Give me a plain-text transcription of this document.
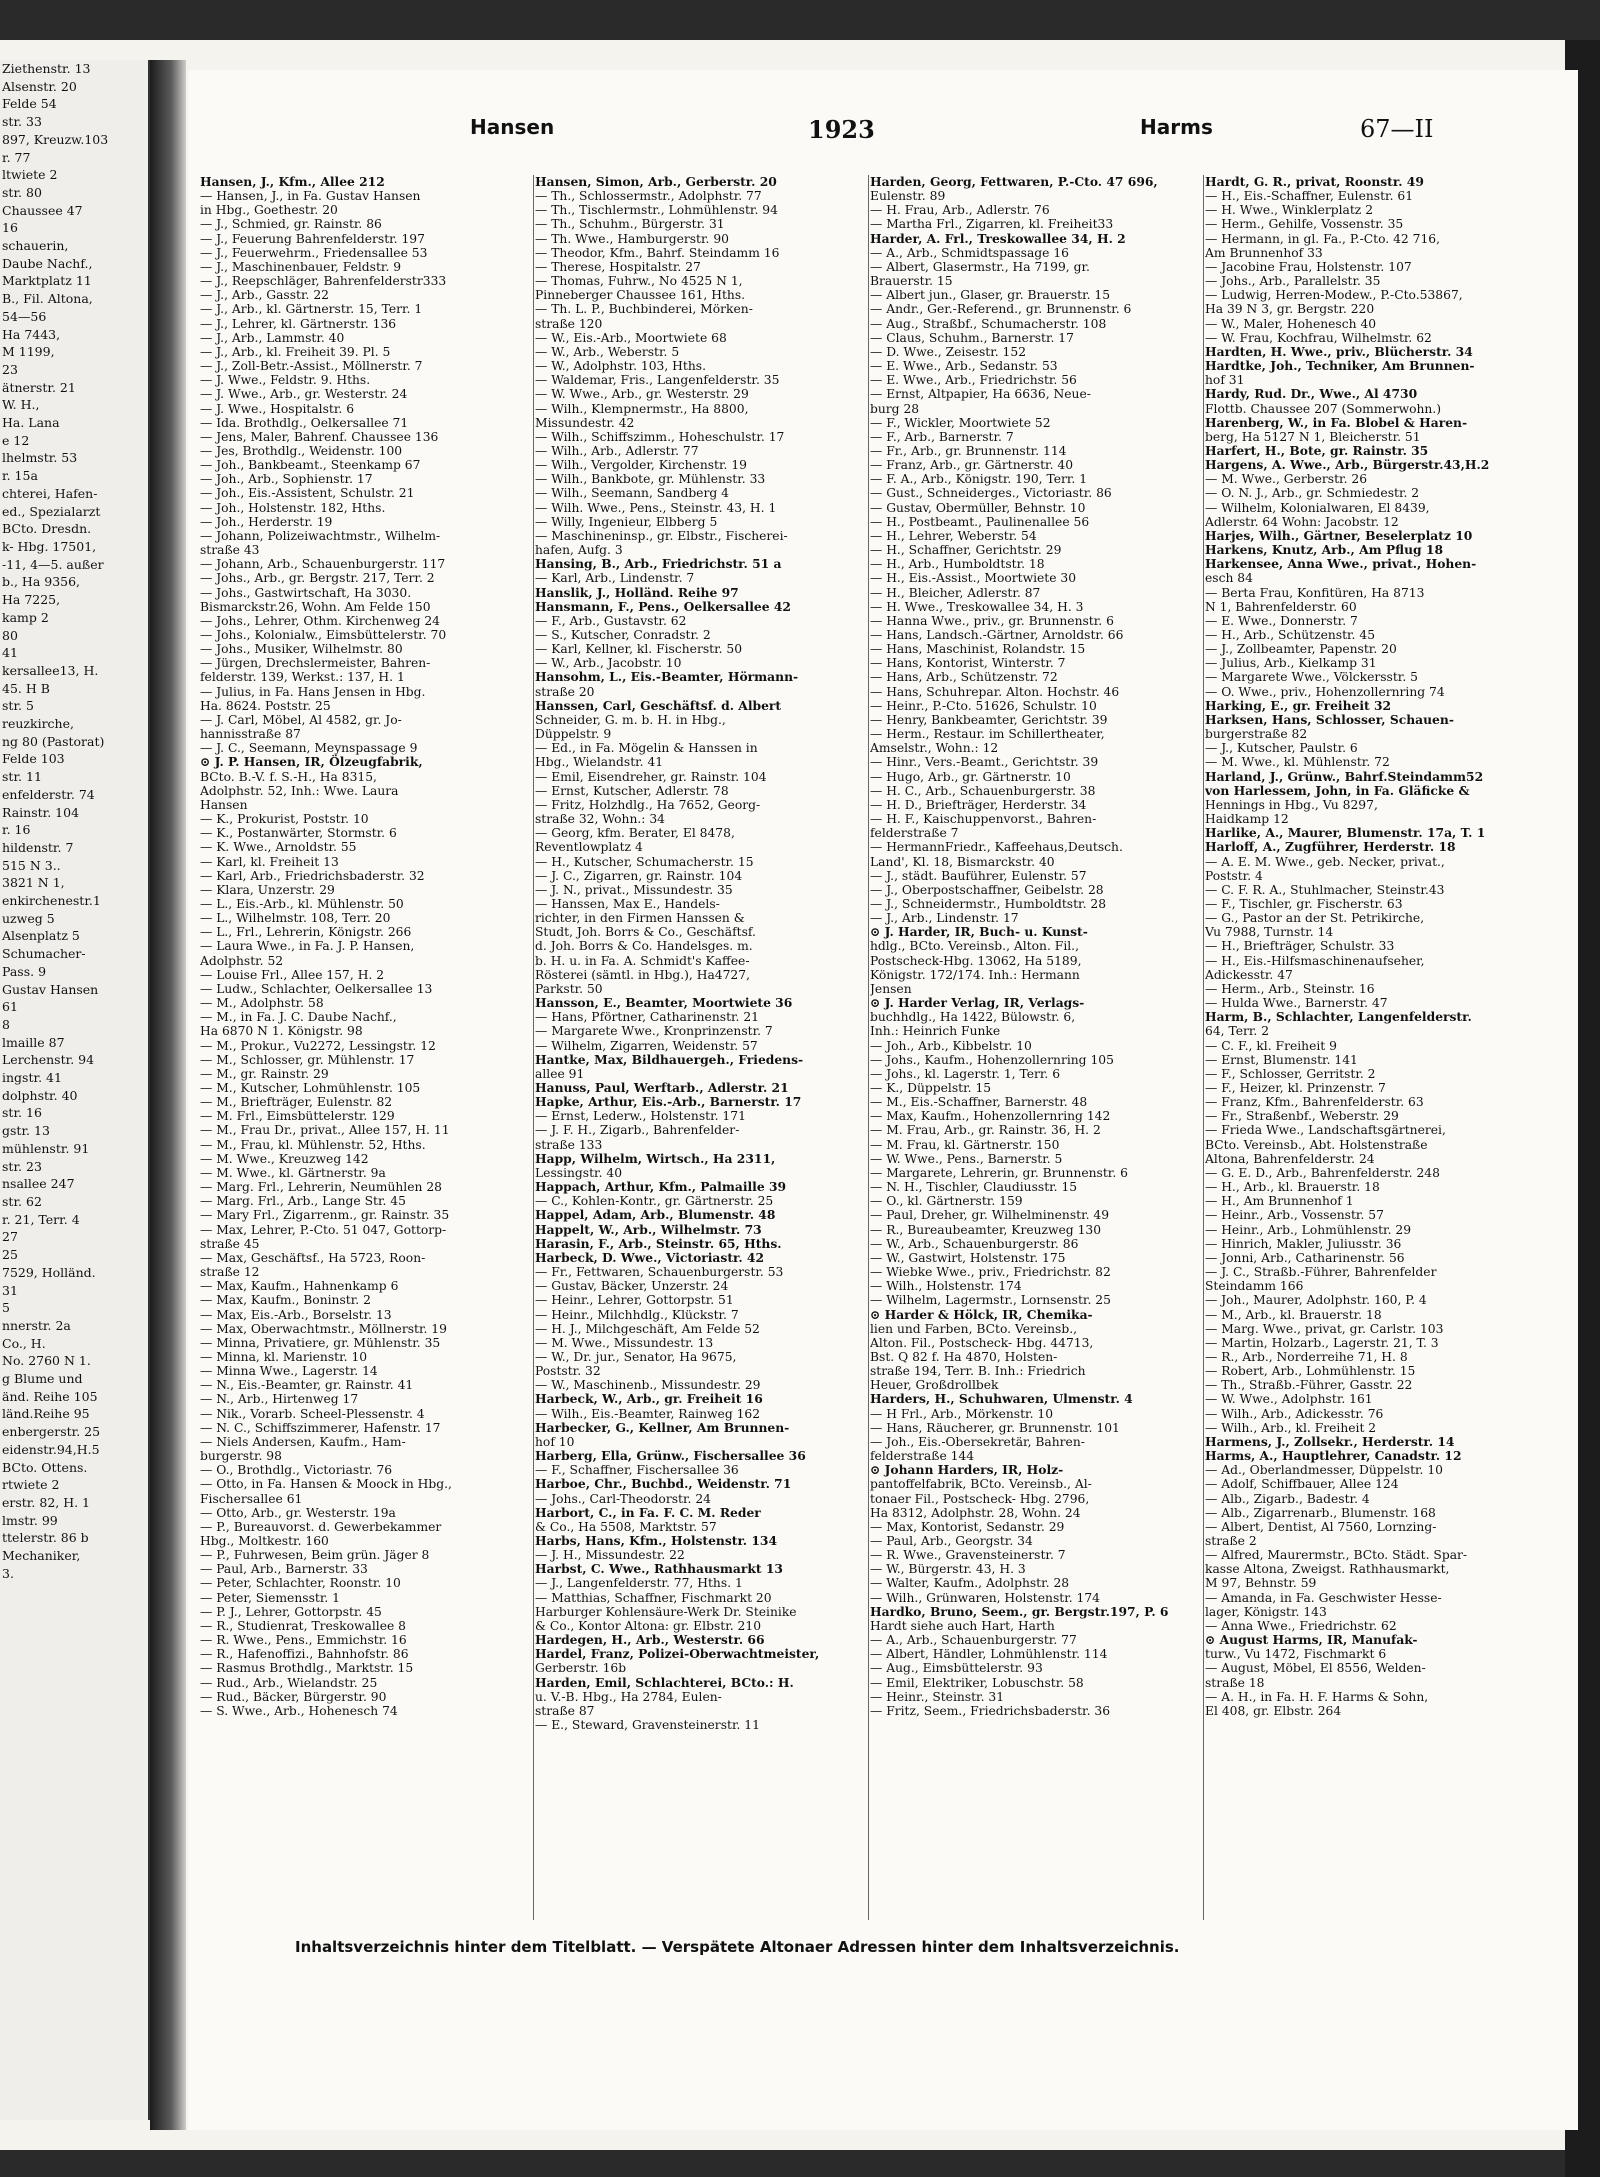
Ziethenstr. 13
Alsenstr. 20
Felde 54
str. 33
897, Kreuzw.103
r. 77
ltwiete 2
str. 80
Chaussee 47
16
schauerin,
Daube Nachf.,
Marktplatz 11
B., Fil. Altona,
54—56
Ha 7443,
M 1199,
23
ätnerstr. 21
W. H.,
Ha. Lana
e 12
lhelmstr. 53
r. 15a
chterei, Hafen-
ed., Spezialarzt
BCto. Dresdn.
k- Hbg. 17501,
-11, 4—5. außer
b., Ha 9356,
Ha 7225,
kamp 2
80
41
kersallee13, H.
45. H B
str. 5
reuzkirche,
ng 80 (Pastorat)
Felde 103
str. 11
enfelderstr. 74
Rainstr. 104
r. 16
hildenstr. 7
515 N 3..
3821 N 1,
enkirchenestr.1
uzweg 5
Alsenplatz 5
Schumacher-
Pass. 9
Gustav Hansen
61
8
lmaille 87
Lerchenstr. 94
ingstr. 41
dolphstr. 40
str. 16
gstr. 13
mühlenstr. 91
str. 23
nsallee 247
str. 62
r. 21, Terr. 4
27
25
7529, Holländ.
31
5
nnerstr. 2a
Co., H.
No. 2760 N 1.
g Blume und
änd. Reihe 105
länd.Reihe 95
enbergerstr. 25
eidenstr.94,H.5
BCto. Ottens.
rtwiete 2
erstr. 82, H. 1
lmstr. 99
ttelerstr. 86 b
Mechaniker,
3.
Hansen	1923	Harms	67—II
Hansen, J., Kfm., Allee 212
— Hansen, J., in Fa. Gustav Hansen
in Hbg., Goethestr. 20
— J., Schmied, gr. Rainstr. 86
— J., Feuerung Bahrenfelderstr. 197
— J., Feuerwehrm., Friedensallee 53
— J., Maschinenbauer, Feldstr. 9
— J., Reepschläger, Bahrenfelderstr333
— J., Arb., Gasstr. 22
— J., Arb., kl. Gärtnerstr. 15, Terr. 1
— J., Lehrer, kl. Gärtnerstr. 136
— J., Arb., Lammstr. 40
— J., Arb., kl. Freiheit 39. Pl. 5
— J., Zoll-Betr.-Assist., Möllnerstr. 7
— J. Wwe., Feldstr. 9. Hths.
— J. Wwe., Arb., gr. Westerstr. 24
— J. Wwe., Hospitalstr. 6
— Ida. Brothdlg., Oelkersallee 71
— Jens, Maler, Bahrenf. Chaussee 136
— Jes, Brothdlg., Weidenstr. 100
— Joh., Bankbeamt., Steenkamp 67
— Joh., Arb., Sophienstr. 17
— Joh., Eis.-Assistent, Schulstr. 21
— Joh., Holstenstr. 182, Hths.
— Joh., Herderstr. 19
— Johann, Polizeiwachtmstr., Wilhelm-
straße 43
— Johann, Arb., Schauenburgerstr. 117
— Johs., Arb., gr. Bergstr. 217, Terr. 2
— Johs., Gastwirtschaft, Ha 3030.
Bismarckstr.26, Wohn. Am Felde 150
— Johs., Lehrer, Othm. Kirchenweg 24
— Johs., Kolonialw., Eimsbüttelerstr. 70
— Johs., Musiker, Wilhelmstr. 80
— Jürgen, Drechslermeister, Bahren-
felderstr. 139, Werkst.: 137, H. 1
— Julius, in Fa. Hans Jensen in Hbg.
Ha. 8624. Poststr. 25
— J. Carl, Möbel, Al 4582, gr. Jo-
hannisstraße 87
— J. C., Seemann, Meynspassage 9
⊙ J. P. Hansen, IR, Ölzeugfabrik,
BCto. B.-V. f. S.-H., Ha 8315,
Adolphstr. 52, Inh.: Wwe. Laura
Hansen
— K., Prokurist, Poststr. 10
— K., Postanwärter, Stormstr. 6
— K. Wwe., Arnoldstr. 55
— Karl, kl. Freiheit 13
— Karl, Arb., Friedrichsbaderstr. 32
— Klara, Unzerstr. 29
— L., Eis.-Arb., kl. Mühlenstr. 50
— L., Wilhelmstr. 108, Terr. 20
— L., Frl., Lehrerin, Königstr. 266
— Laura Wwe., in Fa. J. P. Hansen,
Adolphstr. 52
— Louise Frl., Allee 157, H. 2
— Ludw., Schlachter, Oelkersallee 13
— M., Adolphstr. 58
— M., in Fa. J. C. Daube Nachf.,
Ha 6870 N 1. Königstr. 98
— M., Prokur., Vu2272, Lessingstr. 12
— M., Schlosser, gr. Mühlenstr. 17
— M., gr. Rainstr. 29
— M., Kutscher, Lohmühlenstr. 105
— M., Briefträger, Eulenstr. 82
— M. Frl., Eimsbüttelerstr. 129
— M., Frau Dr., privat., Allee 157, H. 11
— M., Frau, kl. Mühlenstr. 52, Hths.
— M. Wwe., Kreuzweg 142
— M. Wwe., kl. Gärtnerstr. 9a
— Marg. Frl., Lehrerin, Neumühlen 28
— Marg. Frl., Arb., Lange Str. 45
— Mary Frl., Zigarrenm., gr. Rainstr. 35
— Max, Lehrer, P.-Cto. 51 047, Gottorp-
straße 45
— Max, Geschäftsf., Ha 5723, Roon-
straße 12
— Max, Kaufm., Hahnenkamp 6
— Max, Kaufm., Boninstr. 2
— Max, Eis.-Arb., Borselstr. 13
— Max, Oberwachtmstr., Möllnerstr. 19
— Minna, Privatiere, gr. Mühlenstr. 35
— Minna, kl. Marienstr. 10
— Minna Wwe., Lagerstr. 14
— N., Eis.-Beamter, gr. Rainstr. 41
— N., Arb., Hirtenweg 17
— Nik., Vorarb. Scheel-Plessenstr. 4
— N. C., Schiffszimmerer, Hafenstr. 17
— Niels Andersen, Kaufm., Ham-
burgerstr. 98
— O., Brothdlg., Victoriastr. 76
— Otto, in Fa. Hansen & Moock in Hbg.,
Fischersallee 61
— Otto, Arb., gr. Westerstr. 19a
— P., Bureauvorst. d. Gewerbekammer
Hbg., Moltkestr. 160
— P., Fuhrwesen, Beim grün. Jäger 8
— Paul, Arb., Barnerstr. 33
— Peter, Schlachter, Roonstr. 10
— Peter, Siemensstr. 1
— P. J., Lehrer, Gottorpstr. 45
— R., Studienrat, Treskowallee 8
— R. Wwe., Pens., Emmichstr. 16
— R., Hafenoffizi., Bahnhofstr. 86
— Rasmus Brothdlg., Marktstr. 15
— Rud., Arb., Wielandstr. 25
— Rud., Bäcker, Bürgerstr. 90
— S. Wwe., Arb., Hohenesch 74
Hansen, Simon, Arb., Gerberstr. 20
— Th., Schlossermstr., Adolphstr. 77
— Th., Tischlermstr., Lohmühlenstr. 94
— Th., Schuhm., Bürgerstr. 31
— Th. Wwe., Hamburgerstr. 90
— Theodor, Kfm., Bahrf. Steindamm 16
— Therese, Hospitalstr. 27
— Thomas, Fuhrw., No 4525 N 1,
Pinneberger Chaussee 161, Hths.
— Th. L. P., Buchbinderei, Mörken-
straße 120
— W., Eis.-Arb., Moortwiete 68
— W., Arb., Weberstr. 5
— W., Adolphstr. 103, Hths.
— Waldemar, Fris., Langenfelderstr. 35
— W. Wwe., Arb., gr. Westerstr. 29
— Wilh., Klempnermstr., Ha 8800,
Missundestr. 42
— Wilh., Schiffszimm., Hoheschulstr. 17
— Wilh., Arb., Adlerstr. 77
— Wilh., Vergolder, Kirchenstr. 19
— Wilh., Bankbote, gr. Mühlenstr. 33
— Wilh., Seemann, Sandberg 4
— Wilh. Wwe., Pens., Steinstr. 43, H. 1
— Willy, Ingenieur, Elbberg 5
— Maschineninsp., gr. Elbstr., Fischerei-
hafen, Aufg. 3
Hansing, B., Arb., Friedrichstr. 51 a
— Karl, Arb., Lindenstr. 7
Hanslik, J., Holländ. Reihe 97
Hansmann, F., Pens., Oelkersallee 42
— F., Arb., Gustavstr. 62
— S., Kutscher, Conradstr. 2
— Karl, Kellner, kl. Fischerstr. 50
— W., Arb., Jacobstr. 10
Hansohm, L., Eis.-Beamter, Hörmann-
straße 20
Hanssen, Carl, Geschäftsf. d. Albert
Schneider, G. m. b. H. in Hbg.,
Düppelstr. 9
— Ed., in Fa. Mögelin & Hanssen in
Hbg., Wielandstr. 41
— Emil, Eisendreher, gr. Rainstr. 104
— Ernst, Kutscher, Adlerstr. 78
— Fritz, Holzhdlg., Ha 7652, Georg-
straße 32, Wohn.: 34
— Georg, kfm. Berater, El 8478,
Reventlowplatz 4
— H., Kutscher, Schumacherstr. 15
— J. C., Zigarren, gr. Rainstr. 104
— J. N., privat., Missundestr. 35
— Hanssen, Max E., Handels-
richter, in den Firmen Hanssen &
Studt, Joh. Borrs & Co., Geschäftsf.
d. Joh. Borrs & Co. Handelsges. m.
b. H. u. in Fa. A. Schmidt's Kaffee-
Rösterei (sämtl. in Hbg.), Ha4727,
Parkstr. 50
Hansson, E., Beamter, Moortwiete 36
— Hans, Pförtner, Catharinenstr. 21
— Margarete Wwe., Kronprinzenstr. 7
— Wilhelm, Zigarren, Weidenstr. 57
Hantke, Max, Bildhauergeh., Friedens-
allee 91
Hanuss, Paul, Werftarb., Adlerstr. 21
Hapke, Arthur, Eis.-Arb., Barnerstr. 17
— Ernst, Lederw., Holstenstr. 171
— J. F. H., Zigarb., Bahrenfelder-
straße 133
Happ, Wilhelm, Wirtsch., Ha 2311,
Lessingstr. 40
Happach, Arthur, Kfm., Palmaille 39
— C., Kohlen-Kontr., gr. Gärtnerstr. 25
Happel, Adam, Arb., Blumenstr. 48
Happelt, W., Arb., Wilhelmstr. 73
Harasin, F., Arb., Steinstr. 65, Hths.
Harbeck, D. Wwe., Victoriastr. 42
— Fr., Fettwaren, Schauenburgerstr. 53
— Gustav, Bäcker, Unzerstr. 24
— Heinr., Lehrer, Gottorpstr. 51
— Heinr., Milchhdlg., Klückstr. 7
— H. J., Milchgeschäft, Am Felde 52
— M. Wwe., Missundestr. 13
— W., Dr. jur., Senator, Ha 9675,
Poststr. 32
— W., Maschinenb., Missundestr. 29
Harbeck, W., Arb., gr. Freiheit 16
— Wilh., Eis.-Beamter, Rainweg 162
Harbecker, G., Kellner, Am Brunnen-
hof 10
Harberg, Ella, Grünw., Fischersallee 36
— F., Schaffner, Fischersallee 36
Harboe, Chr., Buchbd., Weidenstr. 71
— Johs., Carl-Theodorstr. 24
Harbort, C., in Fa. F. C. M. Reder
& Co., Ha 5508, Marktstr. 57
Harbs, Hans, Kfm., Holstenstr. 134
— J. H., Missundestr. 22
Harbst, C. Wwe., Rathhausmarkt 13
— J., Langenfelderstr. 77, Hths. 1
— Matthias, Schaffner, Fischmarkt 20
Harburger Kohlensäure-Werk Dr. Steinike
& Co., Kontor Altona: gr. Elbstr. 210
Hardegen, H., Arb., Westerstr. 66
Hardel, Franz, Polizei-Oberwachtmeister,
Gerberstr. 16b
Harden, Emil, Schlachterei, BCto.: H.
u. V.-B. Hbg., Ha 2784, Eulen-
straße 87
— E., Steward, Gravensteinerstr. 11
Harden, Georg, Fettwaren, P.-Cto. 47 696,
Eulenstr. 89
— H. Frau, Arb., Adlerstr. 76
— Martha Frl., Zigarren, kl. Freiheit33
Harder, A. Frl., Treskowallee 34, H. 2
— A., Arb., Schmidtspassage 16
— Albert, Glasermstr., Ha 7199, gr.
Brauerstr. 15
— Albert jun., Glaser, gr. Brauerstr. 15
— Andr., Ger.-Referend., gr. Brunnenstr. 6
— Aug., Straßbf., Schumacherstr. 108
— Claus, Schuhm., Barnerstr. 17
— D. Wwe., Zeisestr. 152
— E. Wwe., Arb., Sedanstr. 53
— E. Wwe., Arb., Friedrichstr. 56
— Ernst, Altpapier, Ha 6636, Neue-
burg 28
— F., Wickler, Moortwiete 52
— F., Arb., Barnerstr. 7
— Fr., Arb., gr. Brunnenstr. 114
— Franz, Arb., gr. Gärtnerstr. 40
— F. A., Arb., Königstr. 190, Terr. 1
— Gust., Schneiderges., Victoriastr. 86
— Gustav, Obermüller, Behnstr. 10
— H., Postbeamt., Paulinenallee 56
— H., Lehrer, Weberstr. 54
— H., Schaffner, Gerichtstr. 29
— H., Arb., Humboldtstr. 18
— H., Eis.-Assist., Moortwiete 30
— H., Bleicher, Adlerstr. 87
— H. Wwe., Treskowallee 34, H. 3
— Hanna Wwe., priv., gr. Brunnenstr. 6
— Hans, Landsch.-Gärtner, Arnoldstr. 66
— Hans, Maschinist, Rolandstr. 15
— Hans, Kontorist, Winterstr. 7
— Hans, Arb., Schützenstr. 72
— Hans, Schuhrepar. Alton. Hochstr. 46
— Heinr., P.-Cto. 51626, Schulstr. 10
— Henry, Bankbeamter, Gerichtstr. 39
— Herm., Restaur. im Schillertheater,
Amselstr., Wohn.: 12
— Hinr., Vers.-Beamt., Gerichtstr. 39
— Hugo, Arb., gr. Gärtnerstr. 10
— H. C., Arb., Schauenburgerstr. 38
— H. D., Briefträger, Herderstr. 34
— H. F., Kaischuppenvorst., Bahren-
felderstraße 7
— HermannFriedr., Kaffeehaus,Deutsch.
Land', Kl. 18, Bismarckstr. 40
— J., städt. Bauführer, Eulenstr. 57
— J., Oberpostschaffner, Geibelstr. 28
— J., Schneidermstr., Humboldtstr. 28
— J., Arb., Lindenstr. 17
⊙ J. Harder, IR, Buch- u. Kunst-
hdlg., BCto. Vereinsb., Alton. Fil.,
Postscheck-Hbg. 13062, Ha 5189,
Königstr. 172/174. Inh.: Hermann
Jensen
⊙ J. Harder Verlag, IR, Verlags-
buchhdlg., Ha 1422, Bülowstr. 6,
Inh.: Heinrich Funke
— Joh., Arb., Kibbelstr. 10
— Johs., Kaufm., Hohenzollernring 105
— Johs., kl. Lagerstr. 1, Terr. 6
— K., Düppelstr. 15
— M., Eis.-Schaffner, Barnerstr. 48
— Max, Kaufm., Hohenzollernring 142
— M. Frau, Arb., gr. Rainstr. 36, H. 2
— M. Frau, kl. Gärtnerstr. 150
— W. Wwe., Pens., Barnerstr. 5
— Margarete, Lehrerin, gr. Brunnenstr. 6
— N. H., Tischler, Claudiusstr. 15
— O., kl. Gärtnerstr. 159
— Paul, Dreher, gr. Wilhelminenstr. 49
— R., Bureaubeamter, Kreuzweg 130
— W., Arb., Schauenburgerstr. 86
— W., Gastwirt, Holstenstr. 175
— Wiebke Wwe., priv., Friedrichstr. 82
— Wilh., Holstenstr. 174
— Wilhelm, Lagermstr., Lornsenstr. 25
⊙ Harder & Hölck, IR, Chemika-
lien und Farben, BCto. Vereinsb.,
Alton. Fil., Postscheck- Hbg. 44713,
Bst. Q 82 f. Ha 4870, Holsten-
straße 194, Terr. B. Inh.: Friedrich
Heuer, Großdrollbek
Harders, H., Schuhwaren, Ulmenstr. 4
— H Frl., Arb., Mörkenstr. 10
— Hans, Räucherer, gr. Brunnenstr. 101
— Joh., Eis.-Obersekretär, Bahren-
felderstraße 144
⊙ Johann Harders, IR, Holz-
pantoffelfabrik, BCto. Vereinsb., Al-
tonaer Fil., Postscheck- Hbg. 2796,
Ha 8312, Adolphstr. 28, Wohn. 24
— Max, Kontorist, Sedanstr. 29
— Paul, Arb., Georgstr. 34
— R. Wwe., Gravensteinerstr. 7
— W., Bürgerstr. 43, H. 3
— Walter, Kaufm., Adolphstr. 28
— Wilh., Grünwaren, Holstenstr. 174
Hardko, Bruno, Seem., gr. Bergstr.197, P. 6
Hardt siehe auch Hart, Harth
— A., Arb., Schauenburgerstr. 77
— Albert, Händler, Lohmühlenstr. 114
— Aug., Eimsbüttelerstr. 93
— Emil, Elektriker, Lobuschstr. 58
— Heinr., Steinstr. 31
— Fritz, Seem., Friedrichsbaderstr. 36
Hardt, G. R., privat, Roonstr. 49
— H., Eis.-Schaffner, Eulenstr. 61
— H. Wwe., Winklerplatz 2
— Herm., Gehilfe, Vossenstr. 35
— Hermann, in gl. Fa., P.-Cto. 42 716,
Am Brunnenhof 33
— Jacobine Frau, Holstenstr. 107
— Johs., Arb., Parallelstr. 35
— Ludwig, Herren-Modew., P.-Cto.53867,
Ha 39 N 3, gr. Bergstr. 220
— W., Maler, Hohenesch 40
— W. Frau, Kochfrau, Wilhelmstr. 62
Hardten, H. Wwe., priv., Blücherstr. 34
Hardtke, Joh., Techniker, Am Brunnen-
hof 31
Hardy, Rud. Dr., Wwe., Al 4730
Flottb. Chaussee 207 (Sommerwohn.)
Harenberg, W., in Fa. Blobel & Haren-
berg, Ha 5127 N 1, Bleicherstr. 51
Harfert, H., Bote, gr. Rainstr. 35
Hargens, A. Wwe., Arb., Bürgerstr.43,H.2
— M. Wwe., Gerberstr. 26
— O. N. J., Arb., gr. Schmiedestr. 2
— Wilhelm, Kolonialwaren, El 8439,
Adlerstr. 64 Wohn: Jacobstr. 12
Harjes, Wilh., Gärtner, Beselerplatz 10
Harkens, Knutz, Arb., Am Pflug 18
Harkensee, Anna Wwe., privat., Hohen-
esch 84
— Berta Frau, Konfitüren, Ha 8713
N 1, Bahrenfelderstr. 60
— E. Wwe., Donnerstr. 7
— H., Arb., Schützenstr. 45
— J., Zollbeamter, Papenstr. 20
— Julius, Arb., Kielkamp 31
— Margarete Wwe., Völckersstr. 5
— O. Wwe., priv., Hohenzollernring 74
Harking, E., gr. Freiheit 32
Harksen, Hans, Schlosser, Schauen-
burgerstraße 82
— J., Kutscher, Paulstr. 6
— M. Wwe., kl. Mühlenstr. 72
Harland, J., Grünw., Bahrf.Steindamm52
von Harlessem, John, in Fa. Gläficke &
Hennings in Hbg., Vu 8297,
Haidkamp 12
Harlike, A., Maurer, Blumenstr. 17a, T. 1
Harloff, A., Zugführer, Herderstr. 18
— A. E. M. Wwe., geb. Necker, privat.,
Poststr. 4
— C. F. R. A., Stuhlmacher, Steinstr.43
— F., Tischler, gr. Fischerstr. 63
— G., Pastor an der St. Petrikirche,
Vu 7988, Turnstr. 14
— H., Briefträger, Schulstr. 33
— H., Eis.-Hilfsmaschinenaufseher,
Adickesstr. 47
— Herm., Arb., Steinstr. 16
— Hulda Wwe., Barnerstr. 47
Harm, B., Schlachter, Langenfelderstr.
64, Terr. 2
— C. F., kl. Freiheit 9
— Ernst, Blumenstr. 141
— F., Schlosser, Gerritstr. 2
— F., Heizer, kl. Prinzenstr. 7
— Franz, Kfm., Bahrenfelderstr. 63
— Fr., Straßenbf., Weberstr. 29
— Frieda Wwe., Landschaftsgärtnerei,
BCto. Vereinsb., Abt. Holstenstraße
Altona, Bahrenfelderstr. 24
— G. E. D., Arb., Bahrenfelderstr. 248
— H., Arb., kl. Brauerstr. 18
— H., Am Brunnenhof 1
— Heinr., Arb., Vossenstr. 57
— Heinr., Arb., Lohmühlenstr. 29
— Hinrich, Makler, Juliusstr. 36
— Jonni, Arb., Catharinenstr. 56
— J. C., Straßb.-Führer, Bahrenfelder
Steindamm 166
— Joh., Maurer, Adolphstr. 160, P. 4
— M., Arb., kl. Brauerstr. 18
— Marg. Wwe., privat, gr. Carlstr. 103
— Martin, Holzarb., Lagerstr. 21, T. 3
— R., Arb., Norderreihe 71, H. 8
— Robert, Arb., Lohmühlenstr. 15
— Th., Straßb.-Führer, Gasstr. 22
— W. Wwe., Adolphstr. 161
— Wilh., Arb., Adickesstr. 76
— Wilh., Arb., kl. Freiheit 2
Harmens, J., Zollsekr., Herderstr. 14
Harms, A., Hauptlehrer, Canadstr. 12
— Ad., Oberlandmesser, Düppelstr. 10
— Adolf, Schiffbauer, Allee 124
— Alb., Zigarb., Badestr. 4
— Alb., Zigarrenarb., Blumenstr. 168
— Albert, Dentist, Al 7560, Lornzing-
straße 2
— Alfred, Maurermstr., BCto. Städt. Spar-
kasse Altona, Zweigst. Rathhausmarkt,
M 97, Behnstr. 59
— Amanda, in Fa. Geschwister Hesse-
lager, Königstr. 143
— Anna Wwe., Friedrichstr. 62
⊙ August Harms, IR, Manufak-
turw., Vu 1472, Fischmarkt 6
— August, Möbel, El 8556, Welden-
straße 18
— A. H., in Fa. H. F. Harms & Sohn,
El 408, gr. Elbstr. 264
Inhaltsverzeichnis hinter dem Titelblatt. — Verspätete Altonaer Adressen hinter dem Inhaltsverzeichnis.
